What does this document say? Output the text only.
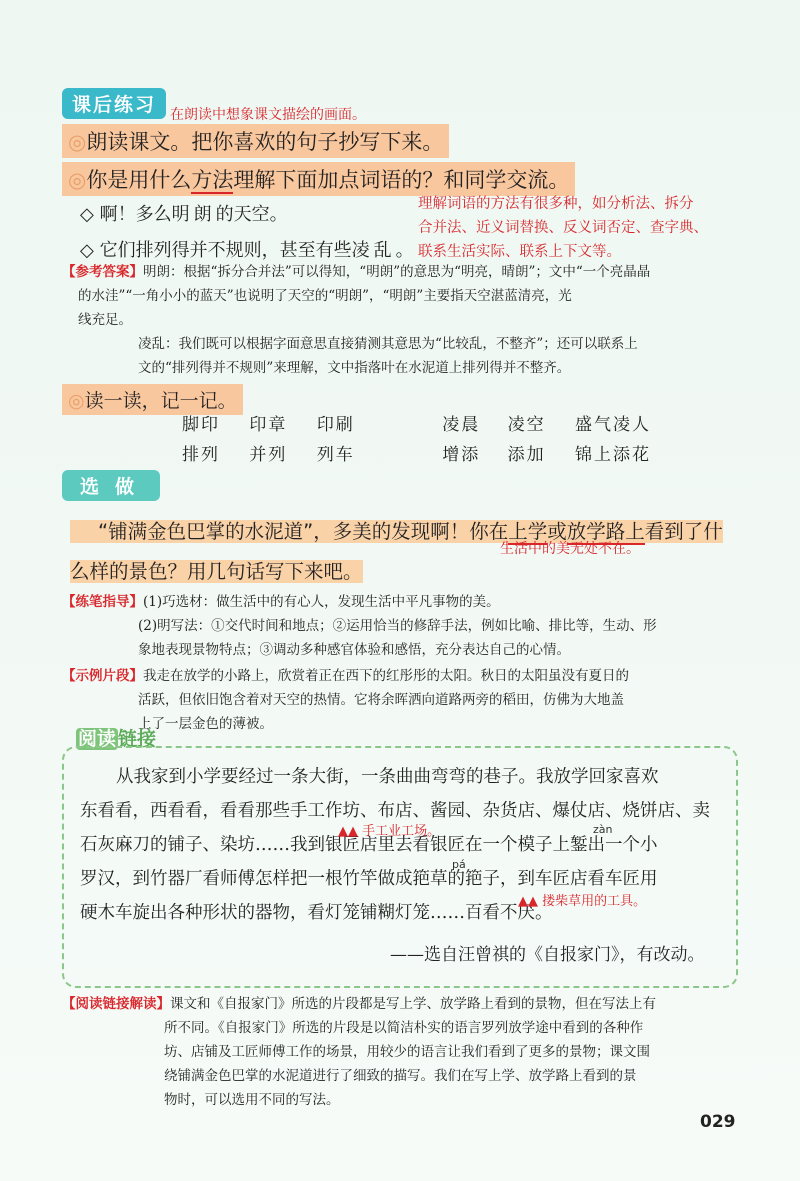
课后练习 在朗读中想象课文描绘的画面。
◎朗读课文。把你喜欢的句子抄写下来。
◎你是用什么方法理解下面加点词语的？和同学交流。
理解词语的方法有很多种，如分析法、拆分
合并法、近义词替换、反义词否定、查字典、
联系生活实际、联系上下文等。
◇ 啊！多么明朗的天空。
◇ 它们排列得并不规则，甚至有些凌乱。
【参考答案】明朗：根据“拆分合并法”可以得知，“明朗”的意思为“明亮，晴朗”；文中“一个亮晶晶
的水洼”“一角小小的蓝天”也说明了天空的“明朗”，“明朗”主要指天空湛蓝清亮，光
线充足。
凌乱：我们既可以根据字面意思直接猜测其意思为“比较乱，不整齐”；还可以联系上
文的“排列得并不规则”来理解，文中指落叶在水泥道上排列得并不整齐。
◎读一读，记一记。
脚印 印章 印刷	凌晨 凌空 盛气凌人
排列 并列 列车	增添 添加 锦上添花
选做
“铺满金色巴掌的水泥道”，多美的发现啊！你在上学或放学路上看到了什
么样的景色？用几句话写下来吧。
生活中的美无处不在。
【练笔指导】(1)巧选材：做生活中的有心人，发现生活中平凡事物的美。
(2)明写法：①交代时间和地点；②运用恰当的修辞手法，例如比喻、排比等，生动、形
象地表现景物特点；③调动多种感官体验和感悟，充分表达自己的心情。
【示例片段】我走在放学的小路上，欣赏着正在西下的红彤彤的太阳。秋日的太阳虽没有夏日的
活跃，但依旧饱含着对天空的热情。它将余晖洒向道路两旁的稻田，仿佛为大地盖
上了一层金色的薄被。
阅读 链接
从我家到小学要经过一条大街，一条曲曲弯弯的巷子。我放学回家喜欢
东看看，西看看，看看那些手工作坊、布店、酱园、杂货店、爆仗店、烧饼店、卖
石灰麻刀的铺子、染坊……我到银匠店里去看银匠在一个模子上錾出一个小
罗汉，到竹器厂看师傅怎样把一根竹竿做成筢草的筢子，到车匠店看车匠用
硬木车旋出各种形状的器物，看灯笼铺糊灯笼……百看不厌。
▲▲ 手工业工场。	zàn
pá
▲▲ 搂柴草用的工具。
——选自汪曾祺的《自报家门》，有改动。
【阅读链接解读】课文和《自报家门》所选的片段都是写上学、放学路上看到的景物，但在写法上有
所不同。《自报家门》所选的片段是以简洁朴实的语言罗列放学途中看到的各种作
坊、店铺及工匠师傅工作的场景，用较少的语言让我们看到了更多的景物；课文围
绕铺满金色巴掌的水泥道进行了细致的描写。我们在写上学、放学路上看到的景
物时，可以选用不同的写法。
029
